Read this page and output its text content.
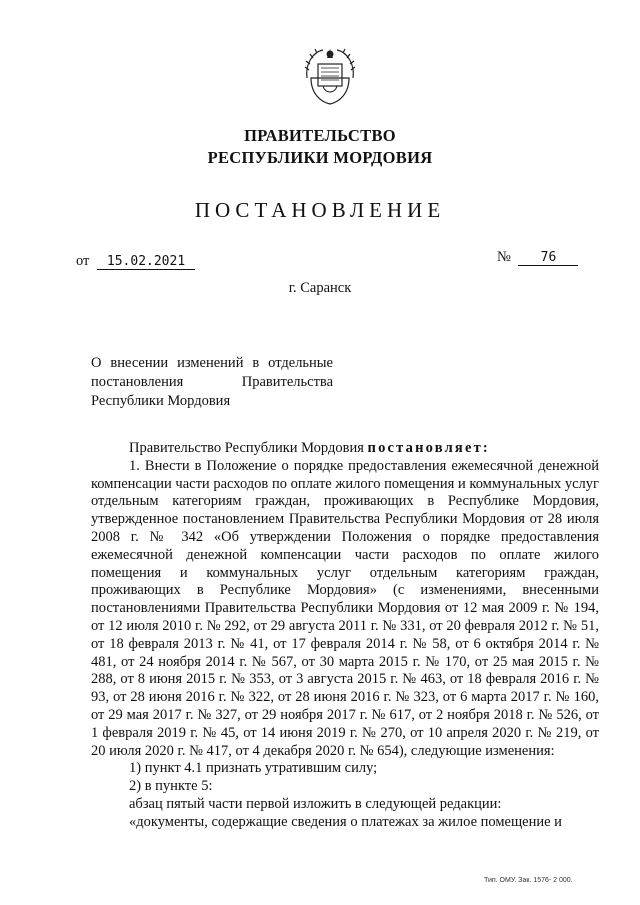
ПРАВИТЕЛЬСТВО
РЕСПУБЛИКИ МОРДОВИЯ
ПОСТАНОВЛЕНИЕ
от 15.02.2021	№ 76
г. Саранск
О внесении изменений в отдельные
постановления Правительства
Республики Мордовия

Правительство Республики Мордовия постановляет:

1. Внести в Положение о порядке предоставления ежемесячной денежной компенсации части расходов по оплате жилого помещения и коммунальных услуг отдельным категориям граждан, проживающих в Республике Мордовия, утвержденное постановлением Правительства Республики Мордовия от 28 июля 2008 г. № 342 «Об утверждении Положения о порядке предоставления ежемесячной денежной компенсации части расходов по оплате жилого помещения и коммунальных услуг отдельным категориям граждан, проживающих в Республике Мордовия» (с изменениями, внесенными постановлениями Правительства Республики Мордовия от 12 мая 2009 г. № 194, от 12 июля 2010 г. № 292, от 29 августа 2011 г. № 331, от 20 февраля 2012 г. № 51, от 18 февраля 2013 г. № 41, от 17 февраля 2014 г. № 58, от 6 октября 2014 г. № 481, от 24 ноября 2014 г. № 567, от 30 марта 2015 г. № 170, от 25 мая 2015 г. № 288, от 8 июня 2015 г. № 353, от 3 августа 2015 г. № 463, от 18 февраля 2016 г. № 93, от 28 июня 2016 г. № 322, от 28 июня 2016 г. № 323, от 6 марта 2017 г. № 160, от 29 мая 2017 г. № 327, от 29 ноября 2017 г. № 617, от 2 ноября 2018 г. № 526, от 1 февраля 2019 г. № 45, от 14 июня 2019 г. № 270, от 10 апреля 2020 г. № 219, от 20 июля 2020 г. № 417, от 4 декабря 2020 г. № 654), следующие изменения:

1) пункт 4.1 признать утратившим силу;

2) в пункте 5:

абзац пятый части первой изложить в следующей редакции:

«документы, содержащие сведения о платежах за жилое помещение и

Тип. ОМУ. Зак. 1576- 2 000.
